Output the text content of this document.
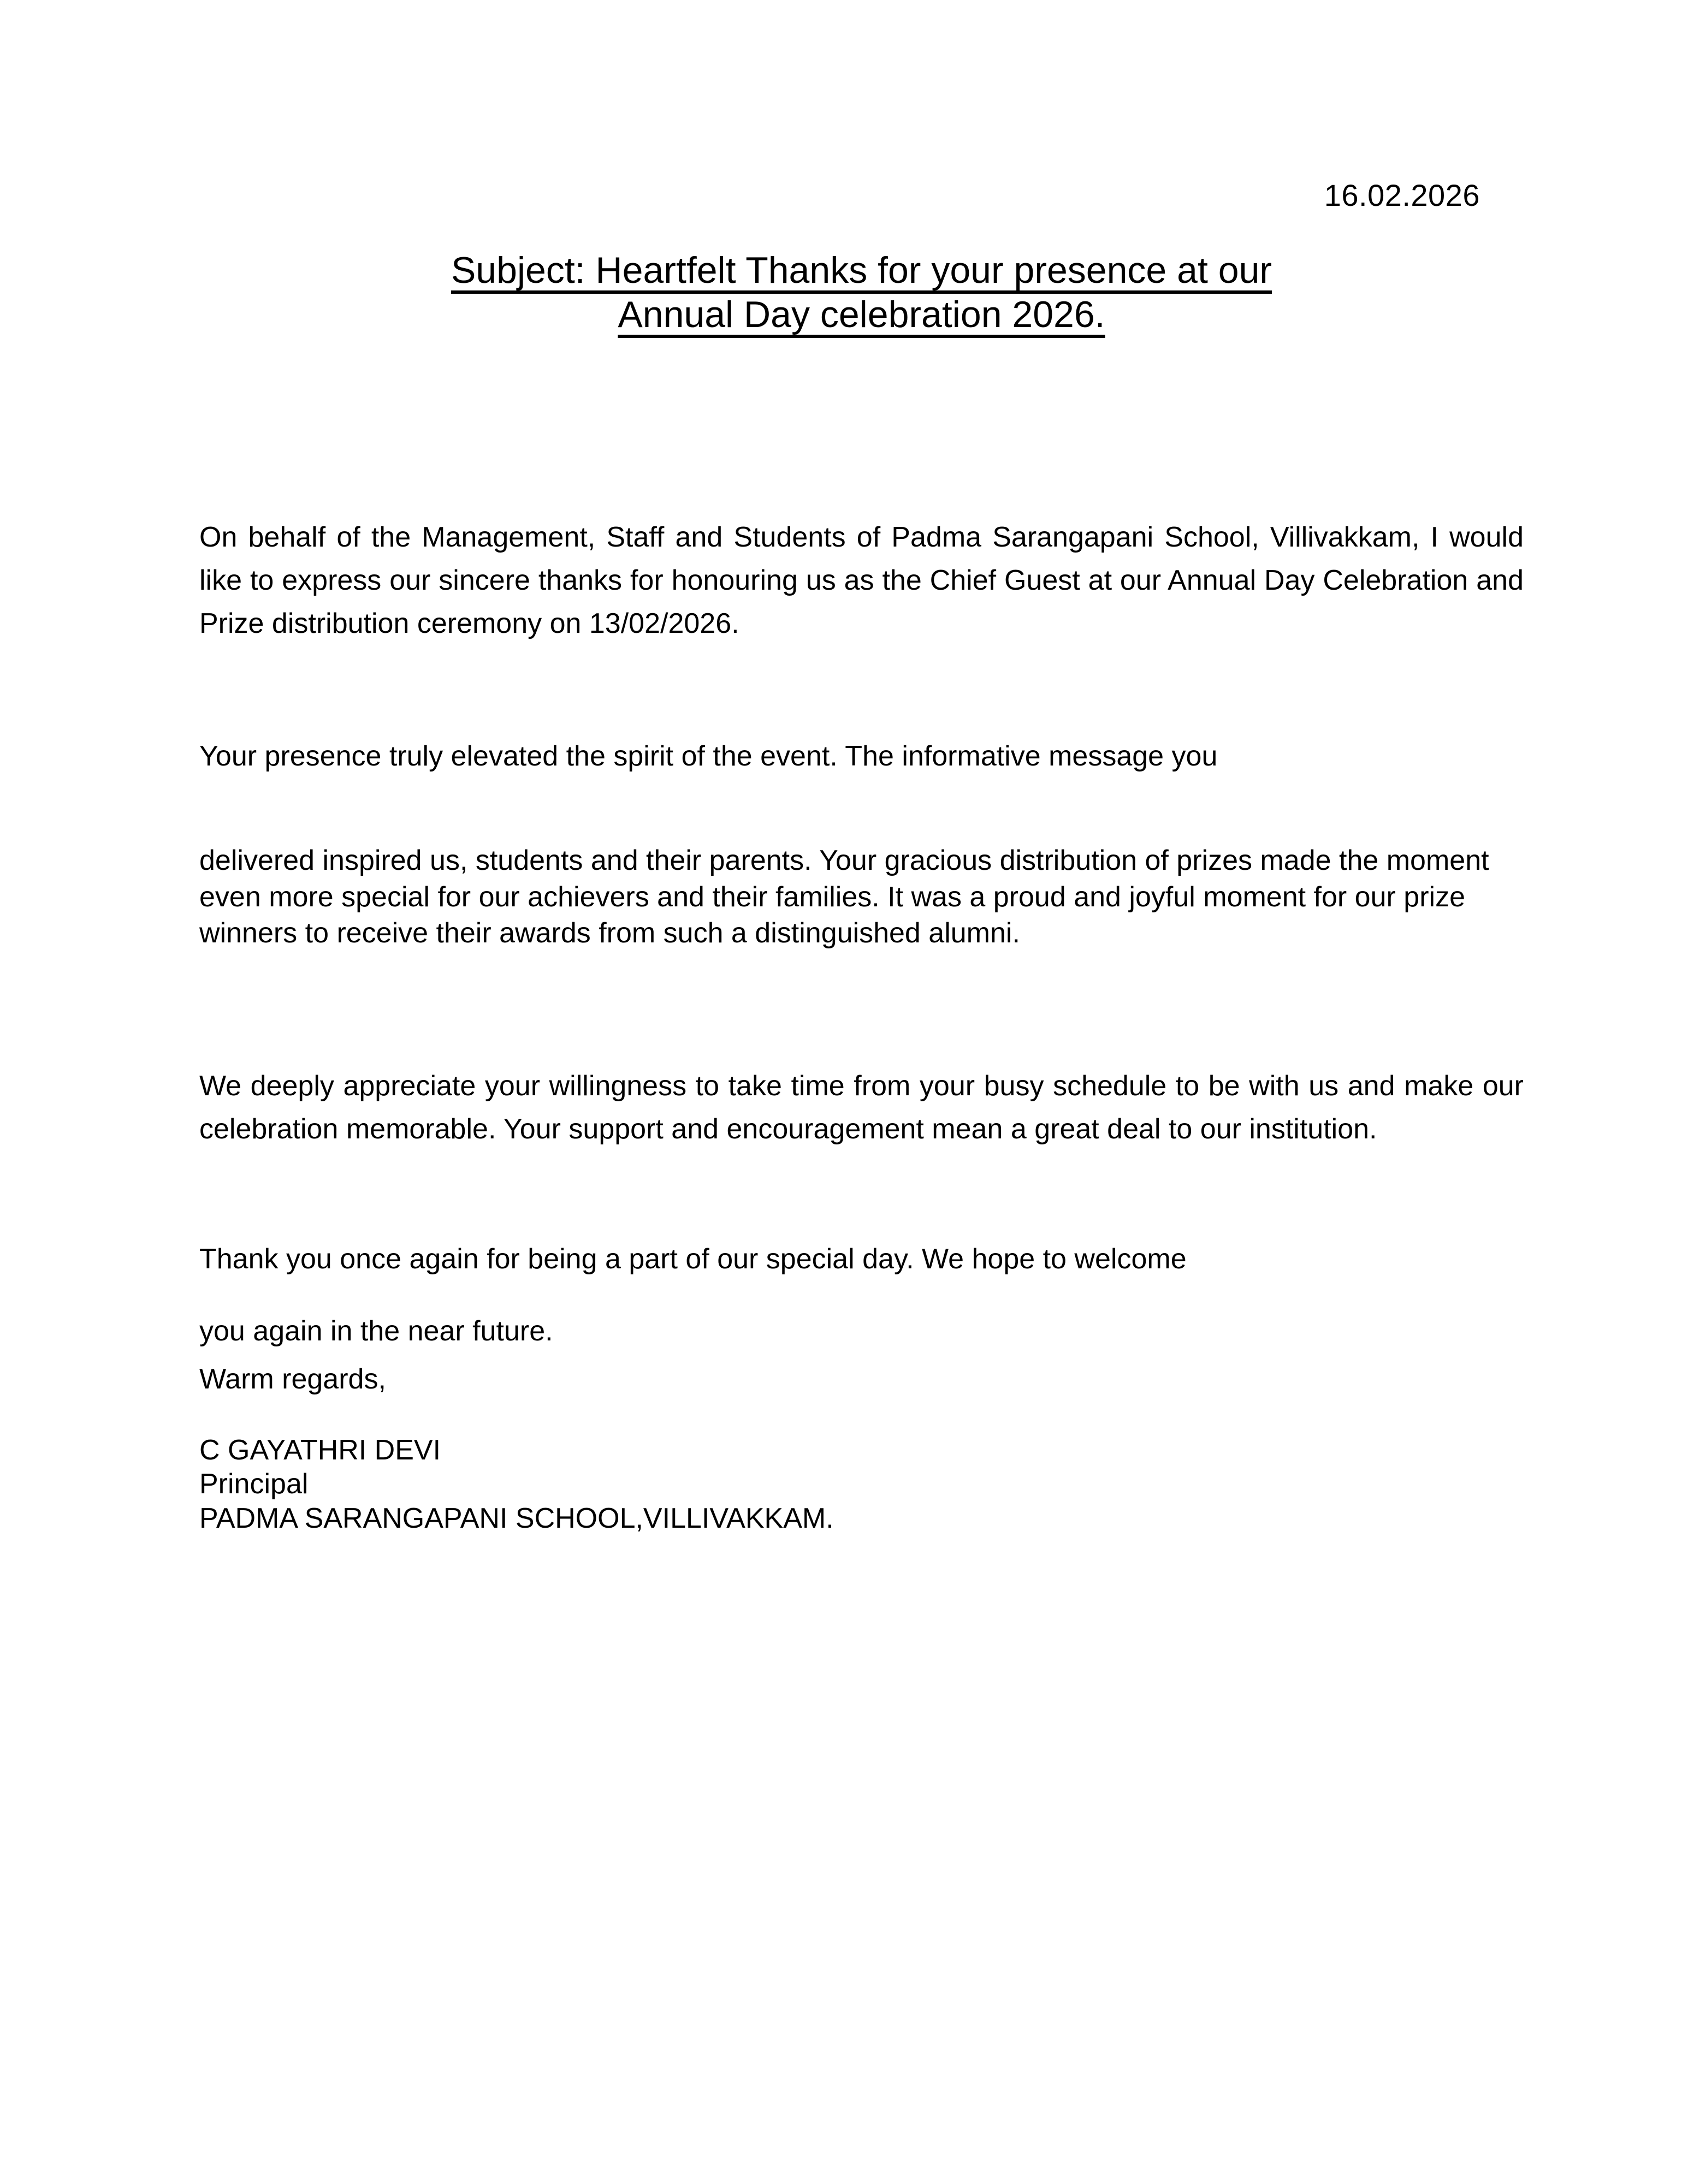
16.02.2026
Subject: Heartfelt Thanks for your presence at our
Annual Day celebration 2026.
On behalf of the Management, Staff and Students of Padma Sarangapani School, Villivakkam, I would like to express our sincere thanks for honouring us as the Chief Guest at our Annual Day Celebration and Prize distribution ceremony on 13/02/2026.
Your presence truly elevated the spirit of the event. The informative message you
delivered inspired us, students and their parents. Your gracious distribution of prizes made the moment even more special for our achievers and their families. It was a proud and joyful moment for our prize winners to receive their awards from such a distinguished alumni.
We deeply appreciate your willingness to take time from your busy schedule to be with us and make our celebration memorable. Your support and encouragement mean a great deal to our institution.
Thank you once again for being a part of our special day. We hope to welcome
you again in the near future.
Warm regards,
C GAYATHRI DEVI
Principal
PADMA SARANGAPANI SCHOOL,VILLIVAKKAM.
